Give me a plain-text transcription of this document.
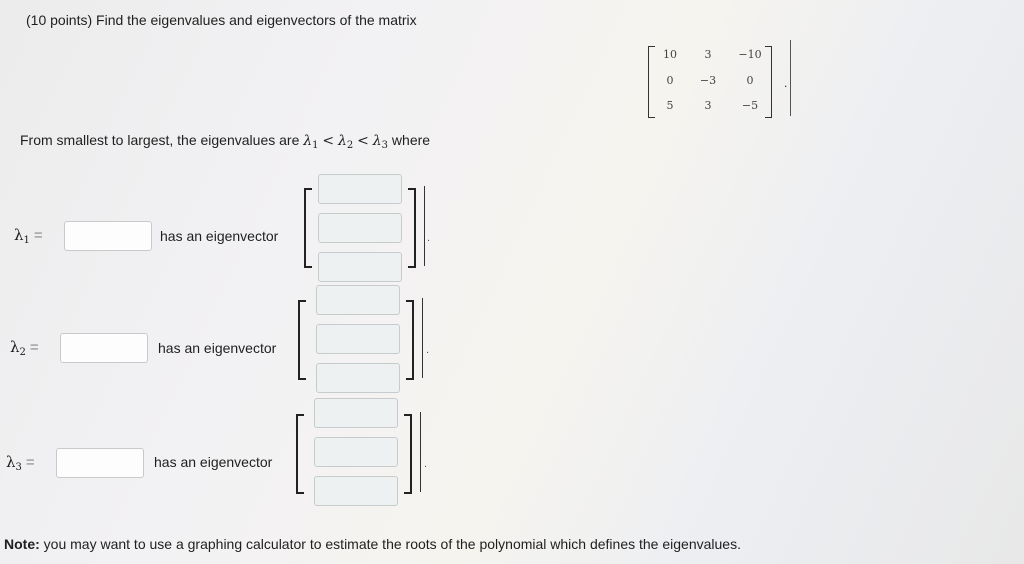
(10 points) Find the eigenvalues and eigenvectors of the matrix
10	3	−10
0	−3	0
5	3	−5
.
From smallest to largest, the eigenvalues are $\lambda_1 < \lambda_2 < \lambda_3$ where
$\lambda_1$ =	has an eigenvector	.
$\lambda_2$ =	has an eigenvector	.
$\lambda_3$ =	has an eigenvector	.
Note: you may want to use a graphing calculator to estimate the roots of the polynomial which defines the eigenvalues.
